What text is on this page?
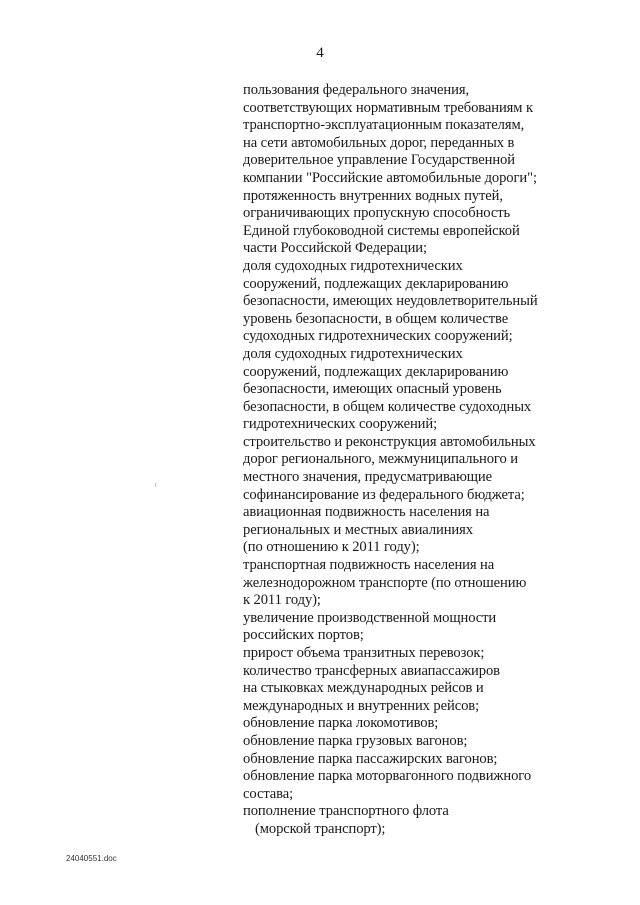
4
пользования федерального значения,
соответствующих нормативным требованиям к
транспортно-эксплуатационным показателям,
на сети автомобильных дорог, переданных в
доверительное управление Государственной
компании "Российские автомобильные дороги";
протяженность внутренних водных путей,
ограничивающих пропускную способность
Единой глубоководной системы европейской
части Российской Федерации;
доля судоходных гидротехнических
сооружений, подлежащих декларированию
безопасности, имеющих неудовлетворительный
уровень безопасности, в общем количестве
судоходных гидротехнических сооружений;
доля судоходных гидротехнических
сооружений, подлежащих декларированию
безопасности, имеющих опасный уровень
безопасности, в общем количестве судоходных
гидротехнических сооружений;
строительство и реконструкция автомобильных
дорог регионального, межмуниципального и
местного значения, предусматривающие
софинансирование из федерального бюджета;
авиационная подвижность населения на
региональных и местных авиалиниях
(по отношению к 2011 году);
транспортная подвижность населения на
железнодорожном транспорте (по отношению
к 2011 году);
увеличение производственной мощности
российских портов;
прирост объема транзитных перевозок;
количество трансферных авиапассажиров
на стыковках международных рейсов и
международных и внутренних рейсов;
обновление парка локомотивов;
обновление парка грузовых вагонов;
обновление парка пассажирских вагонов;
обновление парка моторвагонного подвижного
состава;
пополнение транспортного флота
(морской транспорт);
24040551.doc
